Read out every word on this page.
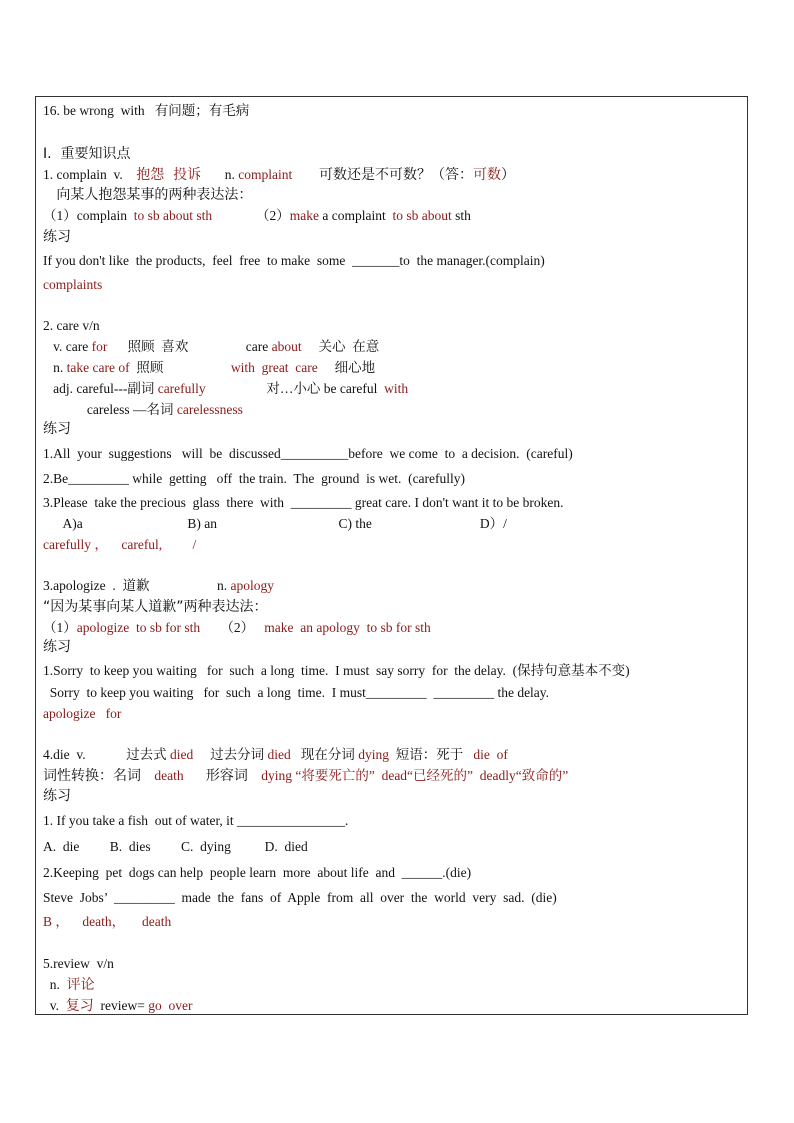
16. be wrong  with   有问题；有毛病
I.  重要知识点
1. complain  v.    抱怨  投诉       n. complaint      可数还是不可数？（答：可数）
向某人抱怨某事的两种表达法：
（1）complain  to sb about sth             （2）make a complaint  to sb about sth
练习
If you don't like  the products,  feel  free  to make  some  _______to  the manager.(complain)
complaints
2. care v/n
v. care for      照顾  喜欢                 care about     关心  在意
n. take care of  照顾                    with  great  care     细心地
adj. careful---副词 carefully                  对…小心 be careful  with
careless —名词 carelessness
练习
1.All  your  suggestions   will  be  discussed__________before  we come  to  a decision.  (careful)
2.Be_________ while  getting   off  the train.  The  ground  is wet.  (carefully)
3.Please  take the precious  glass  there  with  _________ great care. I don't want it to be broken.
A)a                               B) an                                    C) the                                D）/
carefully ，    careful,         /
3.apologize  .  道歉                    n. apology
“因为某事向某人道歉”两种表达法：
（1）apologize  to sb for sth      （2）   make  an apology  to sb for sth
练习
1.Sorry  to keep you waiting   for  such  a long  time.  I must  say sorry  for  the delay.  (保持句意基本不变)
Sorry  to keep you waiting   for  such  a long  time.  I must_________  _________ the delay.
apologize   for
4.die  v.            过去式 died     过去分词 died   现在分词 dying  短语：死于   die  of
词性转换：名词   death     形容词   dying “将要死亡的”  dead“已经死的”  deadly“致命的”
练习
1. If you take a fish  out of water, it ________________.
A.  die         B.  dies         C.  dying          D.  died
2.Keeping  pet  dogs can help  people learn  more  about life  and  ______.(die)
Steve  Jobs’  _________  made  the  fans  of  Apple  from  all  over  the  world  very  sad.  (die)
B ，    death，     death
5.review  v/n
n.  评论
v.  复习  review= go  over
